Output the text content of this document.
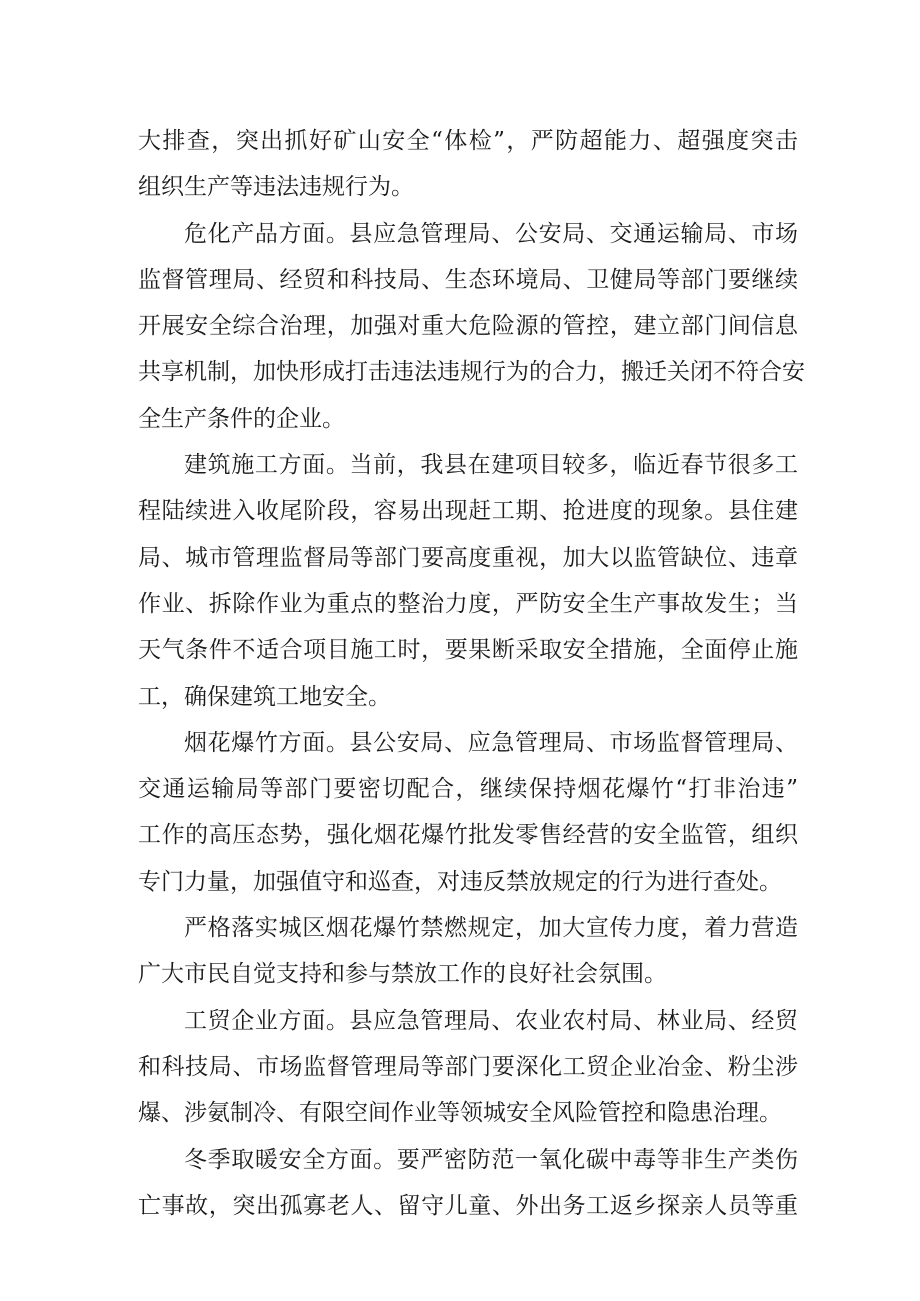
大排查，突出抓好矿山安全“体检”，严防超能力、超强度突击
组织生产等违法违规行为。
危化产品方面。县应急管理局、公安局、交通运输局、市场
监督管理局、经贸和科技局、生态环境局、卫健局等部门要继续
开展安全综合治理，加强对重大危险源的管控，建立部门间信息
共享机制，加快形成打击违法违规行为的合力，搬迁关闭不符合安
全生产条件的企业。
建筑施工方面。当前，我县在建项目较多，临近春节很多工
程陆续进入收尾阶段，容易出现赶工期、抢进度的现象。县住建
局、城市管理监督局等部门要高度重视，加大以监管缺位、违章
作业、拆除作业为重点的整治力度，严防安全生产事故发生；当
天气条件不适合项目施工时，要果断采取安全措施，全面停止施
工，确保建筑工地安全。
烟花爆竹方面。县公安局、应急管理局、市场监督管理局、
交通运输局等部门要密切配合，继续保持烟花爆竹“打非治违”
工作的高压态势，强化烟花爆竹批发零售经营的安全监管，组织
专门力量，加强值守和巡查，对违反禁放规定的行为进行查处。
严格落实城区烟花爆竹禁燃规定，加大宣传力度，着力营造
广大市民自觉支持和参与禁放工作的良好社会氛围。
工贸企业方面。县应急管理局、农业农村局、林业局、经贸
和科技局、市场监督管理局等部门要深化工贸企业冶金、粉尘涉
爆、涉氨制冷、有限空间作业等领城安全风险管控和隐患治理。
冬季取暖安全方面。要严密防范一氧化碳中毒等非生产类伤
亡事故，突出孤寡老人、留守儿童、外出务工返乡探亲人员等重
